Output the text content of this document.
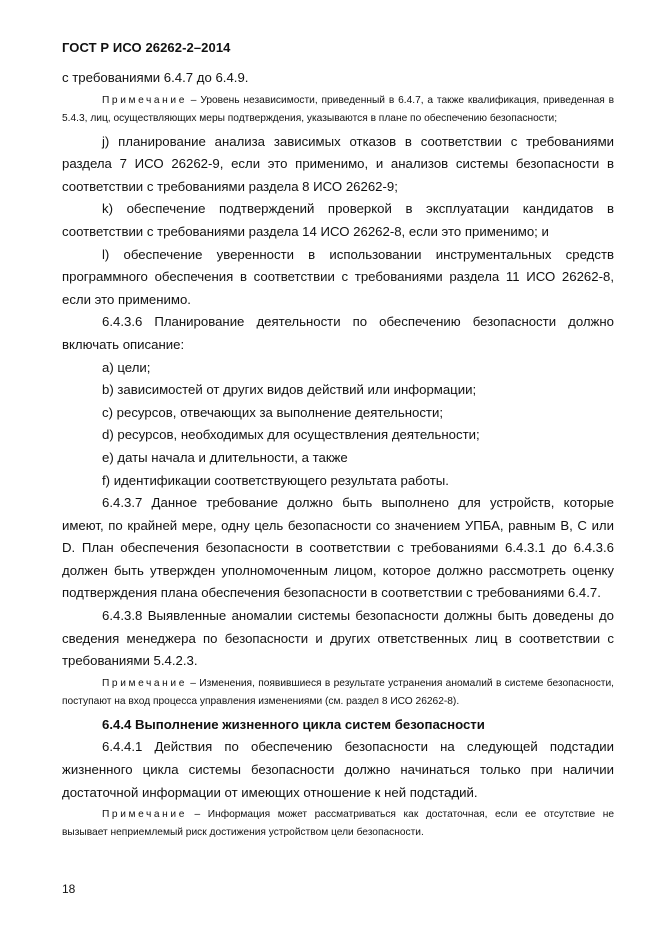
ГОСТ Р ИСО 26262-2–2014

с требованиями 6.4.7 до 6.4.9.

Примечание – Уровень независимости, приведенный в 6.4.7, а также квалификация, приведенная в 5.4.3, лиц, осуществляющих меры подтверждения, указываются в плане по обеспечению безопасности;

j) планирование анализа зависимых отказов в соответствии с требованиями раздела 7 ИСО 26262-9, если это применимо, и анализов системы безопасности в соответствии с требованиями раздела 8 ИСО 26262-9;

k) обеспечение подтверждений проверкой в эксплуатации кандидатов в соответствии с требованиями раздела 14 ИСО 26262-8, если это применимо; и

l) обеспечение уверенности в использовании инструментальных средств программного обеспечения в соответствии с требованиями раздела 11 ИСО 26262-8, если это применимо.

6.4.3.6 Планирование деятельности по обеспечению безопасности должно включать описание:

a) цели;

b) зависимостей от других видов действий или информации;

c) ресурсов, отвечающих за выполнение деятельности;

d) ресурсов, необходимых для осуществления деятельности;

e) даты начала и длительности, а также

f) идентификации соответствующего результата работы.

6.4.3.7 Данное требование должно быть выполнено для устройств, которые имеют, по крайней мере, одну цель безопасности со значением УПБА, равным В, С или D. План обеспечения безопасности в соответствии с требованиями 6.4.3.1 до 6.4.3.6 должен быть утвержден уполномоченным лицом, которое должно рассмотреть оценку подтверждения плана обеспечения безопасности в соответствии с требованиями 6.4.7.

6.4.3.8 Выявленные аномалии системы безопасности должны быть доведены до сведения менеджера по безопасности и других ответственных лиц в соответствии с требованиями 5.4.2.3.

Примечание – Изменения, появившиеся в результате устранения аномалий в системе безопасности, поступают на вход процесса управления изменениями (см. раздел 8 ИСО 26262-8).

6.4.4 Выполнение жизненного цикла систем безопасности

6.4.4.1 Действия по обеспечению безопасности на следующей подстадии жизненного цикла системы безопасности должно начинаться только при наличии достаточной информации от имеющих отношение к ней подстадий.

Примечание – Информация может рассматриваться как достаточная, если ее отсутствие не вызывает неприемлемый риск достижения устройством цели безопасности.

18
